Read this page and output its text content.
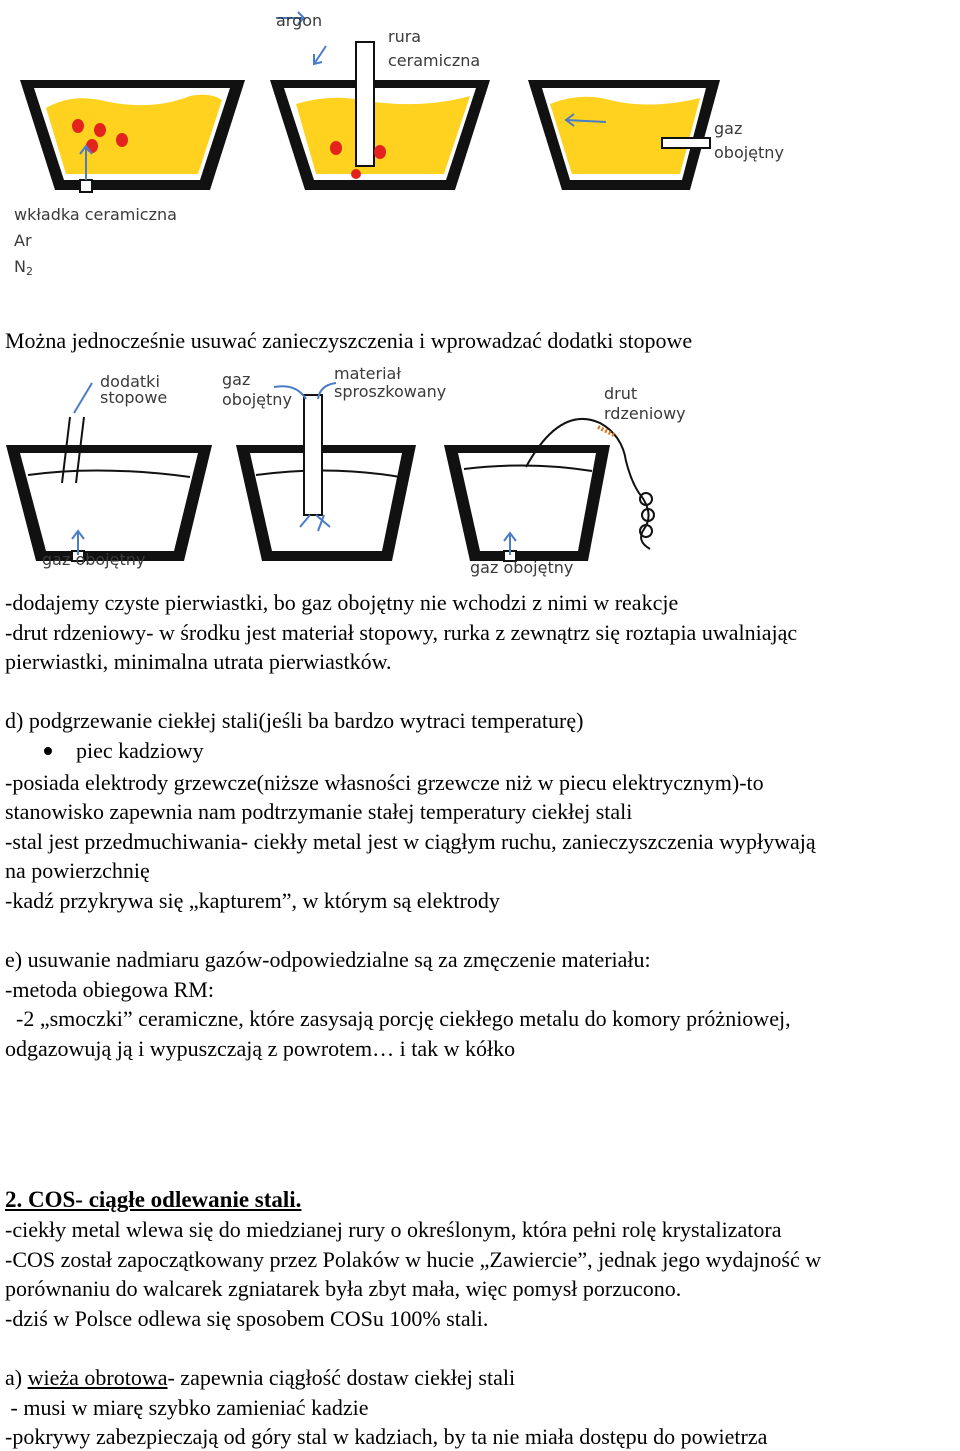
argon
rura
ceramiczna
gaz
obojętny
wkładka ceramiczna
Ar
N2
Można jednocześnie usuwać zanieczyszczenia i wprowadzać dodatki stopowe
dodatki
stopowe
gaz
obojętny
materiał
sproszkowany	drut
rdzeniowy
gaz obojętny	gaz obojętny
-dodajemy czyste pierwiastki, bo gaz obojętny nie wchodzi z nimi w reakcje
-drut rdzeniowy- w środku jest materiał stopowy, rurka z zewnątrz się roztapia uwalniając
pierwiastki, minimalna utrata pierwiastków.
d) podgrzewanie ciekłej stali(jeśli ba bardzo wytraci temperaturę)
piec kadziowy
-posiada elektrody grzewcze(niższe własności grzewcze niż w piecu elektrycznym)-to
stanowisko zapewnia nam podtrzymanie stałej temperatury ciekłej stali
-stal jest przedmuchiwania- ciekły metal jest w ciągłym ruchu, zanieczyszczenia wypływają
na powierzchnię
-kadź przykrywa się „kapturem”, w którym są elektrody
e) usuwanie nadmiaru gazów-odpowiedzialne są za zmęczenie materiału:
-metoda obiegowa RM:
-2 „smoczki” ceramiczne, które zasysają porcję ciekłego metalu do komory próżniowej,
odgazowują ją i wypuszczają z powrotem… i tak w kółko
2. COS- ciągłe odlewanie stali.
-ciekły metal wlewa się do miedzianej rury o określonym, która pełni rolę krystalizatora
-COS został zapoczątkowany przez Polaków w hucie „Zawiercie”, jednak jego wydajność w
porównaniu do walcarek zgniatarek była zbyt mała, więc pomysł porzucono.
-dziś w Polsce odlewa się sposobem COSu 100% stali.
a) wieża obrotowa- zapewnia ciągłość dostaw ciekłej stali
- musi w miarę szybko zamieniać kadzie
-pokrywy zabezpieczają od góry stal w kadziach, by ta nie miała dostępu do powietrza
